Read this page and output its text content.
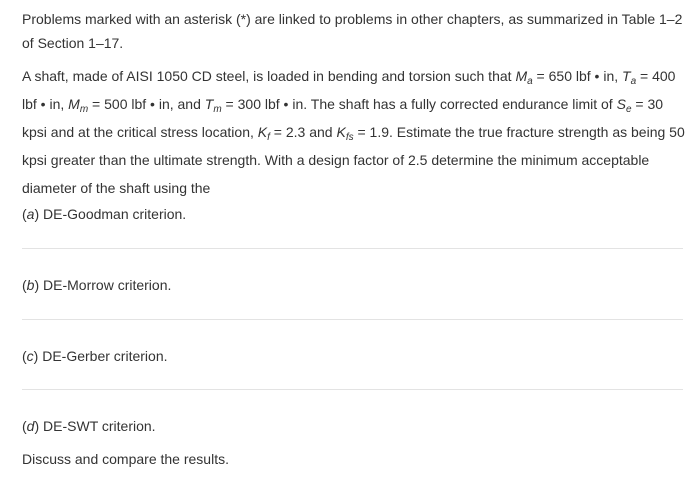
Problems marked with an asterisk (*) are linked to problems in other chapters, as summarized in Table 1–2 of Section 1–17.
A shaft, made of AISI 1050 CD steel, is loaded in bending and torsion such that $M_a = 650$ lbf • in, $T_a = 400$ lbf • in, $M_m = 500$ lbf • in, and $T_m = 300$ lbf • in. The shaft has a fully corrected endurance limit of $S_e = 30$ kpsi and at the critical stress location, $K_f = 2.3$ and $K_{fs} = 1.9$. Estimate the true fracture strength as being 50 kpsi greater than the ultimate strength. With a design factor of 2.5 determine the minimum acceptable diameter of the shaft using the
(a) DE-Goodman criterion.
(b) DE-Morrow criterion.
(c) DE-Gerber criterion.
(d) DE-SWT criterion.
Discuss and compare the results.
